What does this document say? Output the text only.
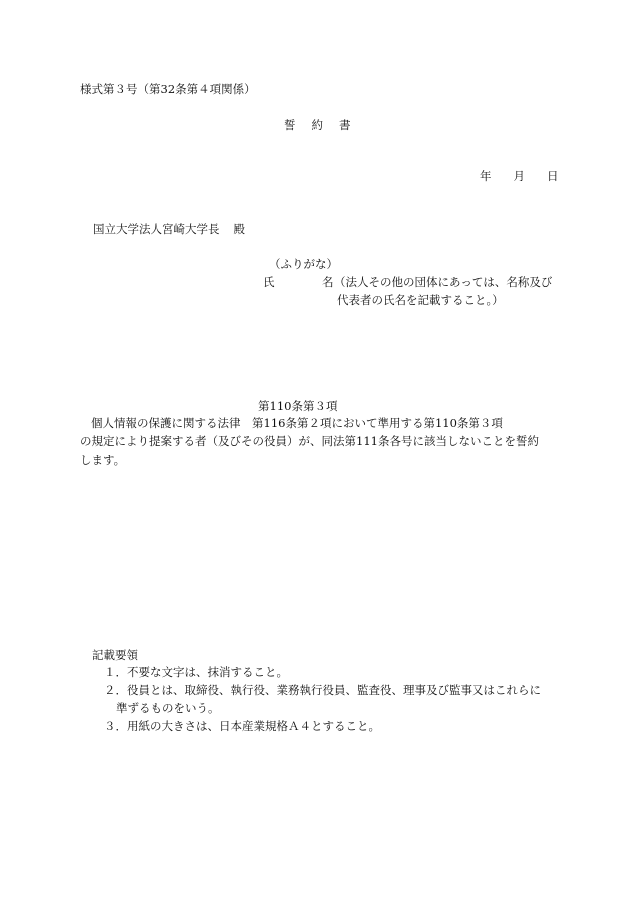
様式第３号（第32条第４項関係）
誓 約 書
年 月 日
国立大学法人宮崎大学長 殿
（ふりがな）
氏	名 （法人その他の団体にあっては、名称及び
代表者の氏名を記載すること。）
第110条第３項
個人情報の保護に関する法律　第116条第２項において準用する第110条第３項
の規定により提案する者（及びその役員）が、同法第111条各号に該当しないことを誓約
します。
記載要領
１．不要な文字は、抹消すること。
２．役員とは、取締役、執行役、業務執行役員、監査役、理事及び監事又はこれらに
準ずるものをいう。
３．用紙の大きさは、日本産業規格Ａ４とすること。
